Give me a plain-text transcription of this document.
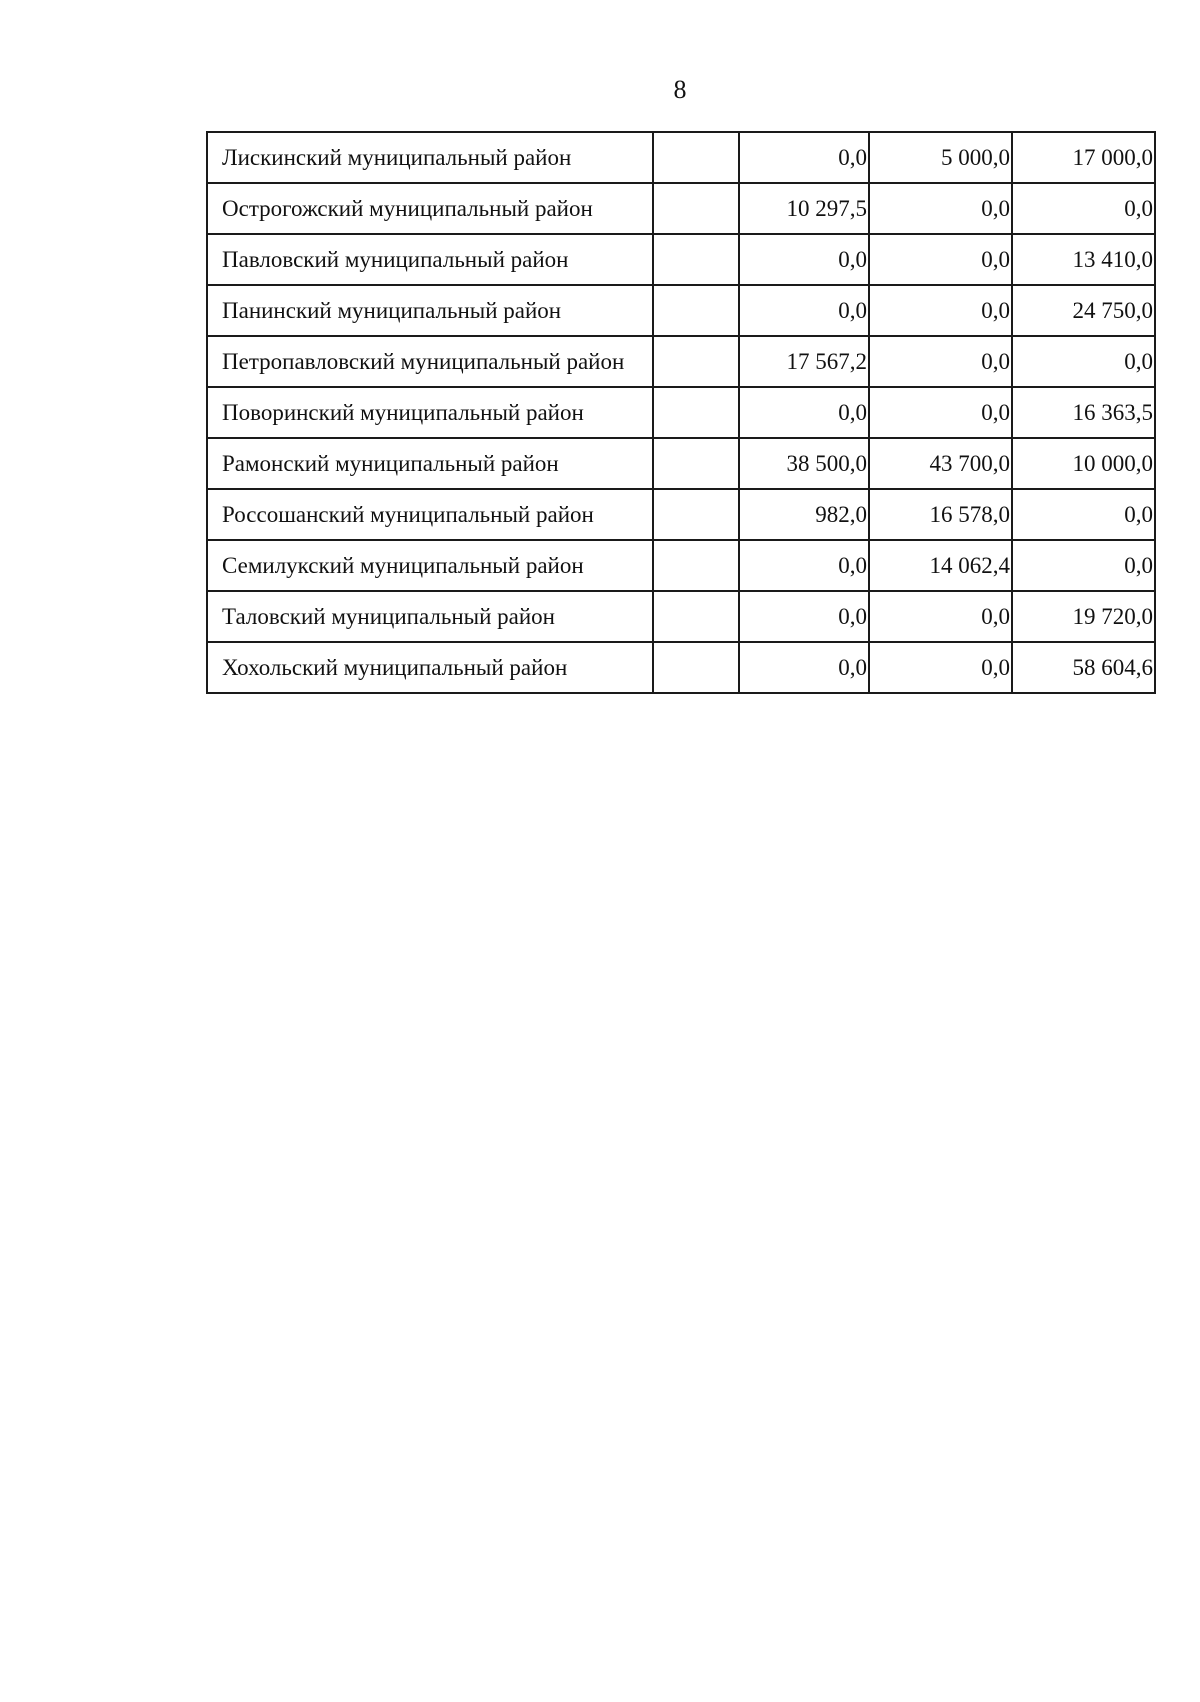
8
Лискинский муниципальный район		0,0	5 000,0	17 000,0
Острогожский муниципальный район		10 297,5	0,0	0,0
Павловский муниципальный район		0,0	0,0	13 410,0
Панинский муниципальный район		0,0	0,0	24 750,0
Петропавловский муниципальный район		17 567,2	0,0	0,0
Поворинский муниципальный район		0,0	0,0	16 363,5
Рамонский муниципальный район		38 500,0	43 700,0	10 000,0
Россошанский муниципальный район		982,0	16 578,0	0,0
Семилукский муниципальный район		0,0	14 062,4	0,0
Таловский муниципальный район		0,0	0,0	19 720,0
Хохольский муниципальный район		0,0	0,0	58 604,6
